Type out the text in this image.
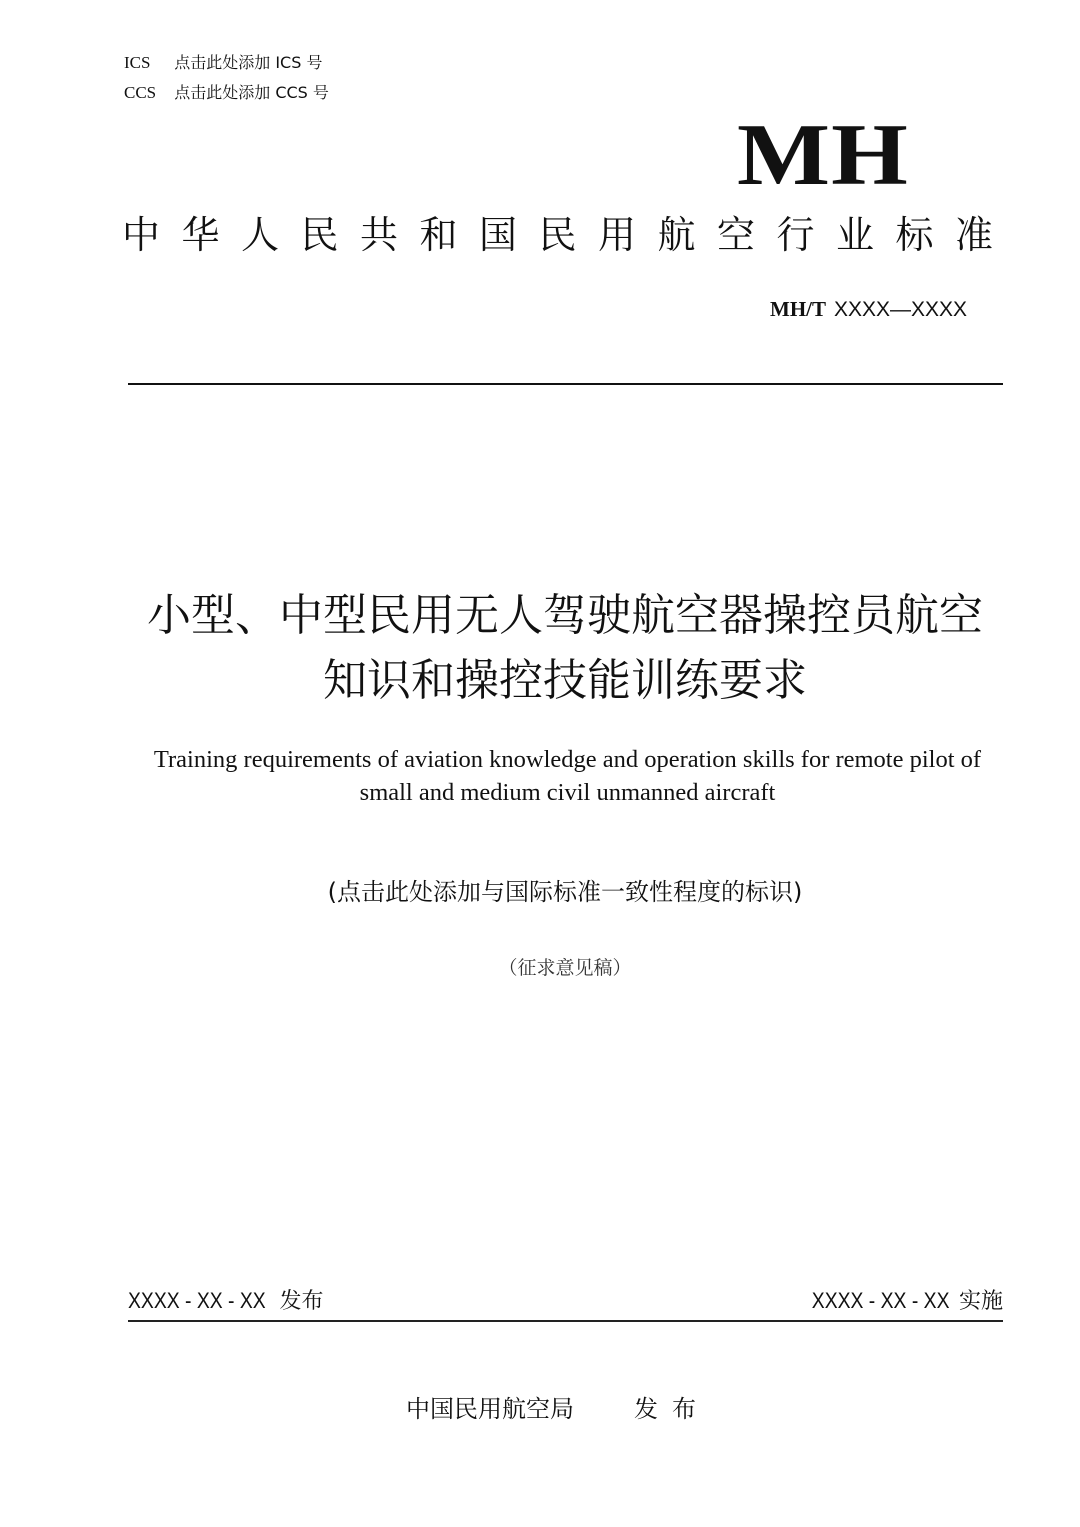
ICS 点击此处添加 ICS 号
CCS 点击此处添加 CCS 号
MH
中华人民共和国民用航空行业标准
MH/T XXXX—XXXX
小型、中型民用无人驾驶航空器操控员航空
知识和操控技能训练要求
Training requirements of aviation knowledge and operation skills for remote pilot of
small and medium civil unmanned aircraft
(点击此处添加与国际标准一致性程度的标识)
（征求意见稿）
XXXX - XX - XX 发布	XXXX - XX - XX 实施
中国民用航空局	发布
